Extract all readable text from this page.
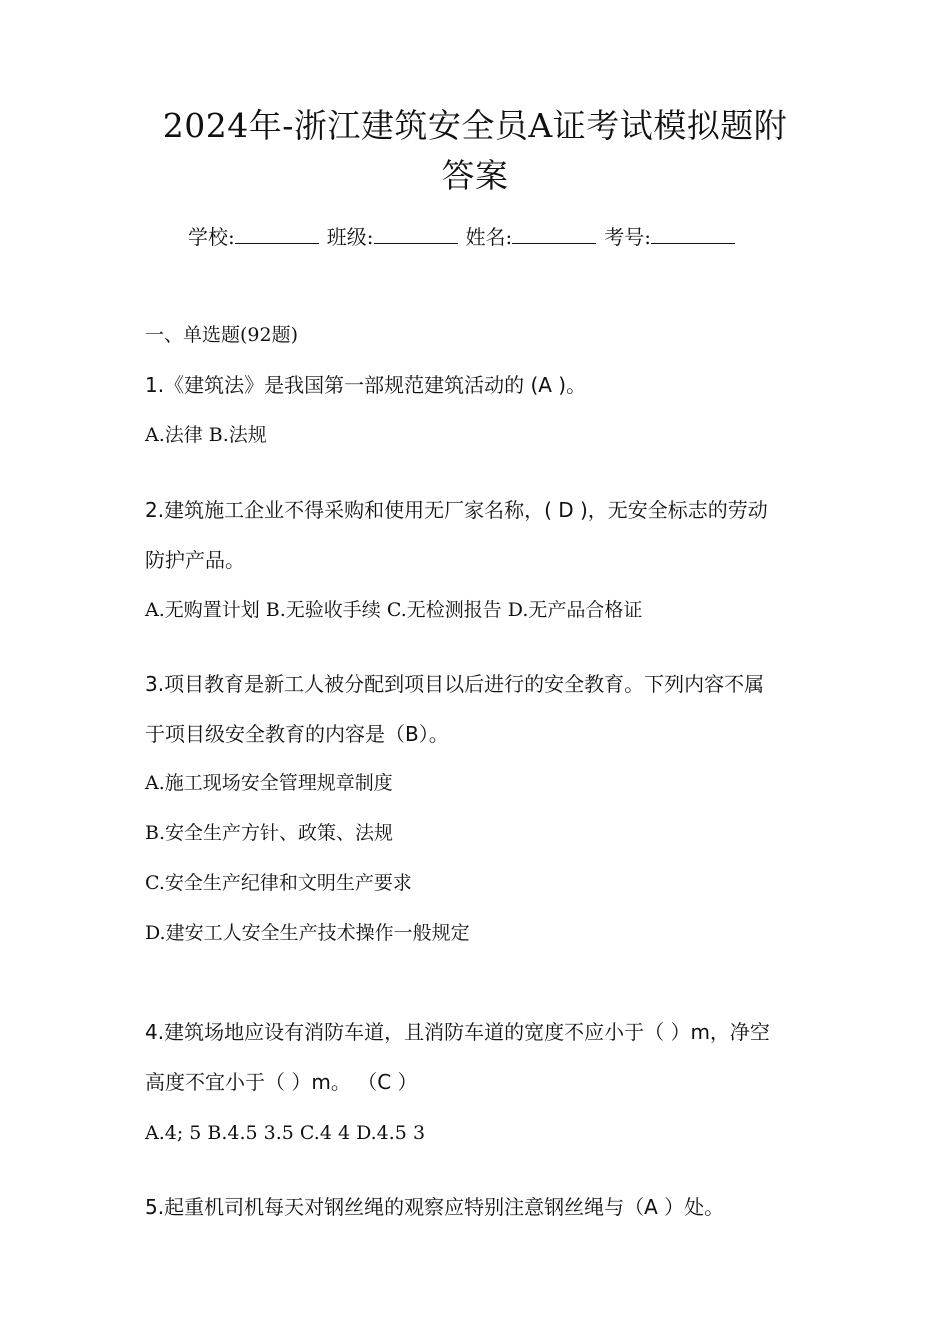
2024年-浙江建筑安全员A证考试模拟题附
答案
学校:	班级:	姓名:	考号:
一、单选题(92题)
1.《建筑法》是我国第一部规范建筑活动的 (A )。
A.法律 B.法规
2.建筑施工企业不得采购和使用无厂家名称，( D )，无安全标志的劳动
防护产品。
A.无购置计划 B.无验收手续 C.无检测报告 D.无产品合格证
3.项目教育是新工人被分配到项目以后进行的安全教育。下列内容不属
于项目级安全教育的内容是（B）。
A.施工现场安全管理规章制度
B.安全生产方针、政策、法规
C.安全生产纪律和文明生产要求
D.建安工人安全生产技术操作一般规定
4.建筑场地应设有消防车道，且消防车道的宽度不应小于（ ）m，净空
高度不宜小于（ ）m。 （C ）
A.4; 5 B.4.5 3.5 C.4 4 D.4.5 3
5.起重机司机每天对钢丝绳的观察应特别注意钢丝绳与（A ）处。
